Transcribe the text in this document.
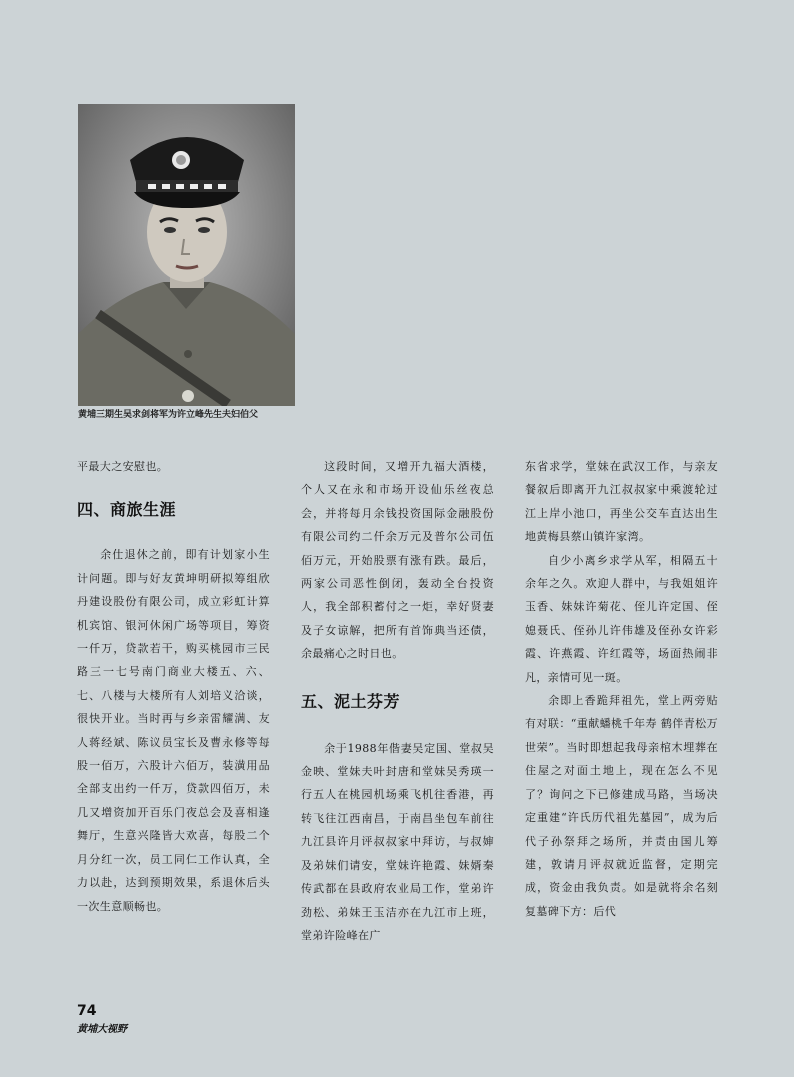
黄埔三期生吴求剑将军为许立峰先生夫妇伯父

平最大之安慰也。

四、商旅生涯

余仕退休之前，即有计划家小生计问题。即与好友黄坤明研拟筹组欣丹建设股份有限公司，成立彩虹计算机宾馆、银河休闲广场等项目，筹资一仟万，贷款若干，购买桃园市三民路三一七号南门商业大楼五、六、七、八楼与大楼所有人刘培义洽谈，很快开业。当时再与乡亲雷耀满、友人蒋经斌、陈议员宝长及曹永修等每股一佰万，六股计六佰万，装潢用品全部支出约一仟万，贷款四佰万，未几又增资加开百乐门夜总会及喜相逢舞厅，生意兴隆皆大欢喜，每股二个月分红一次，员工同仁工作认真，全力以赴，达到预期效果，系退休后头一次生意顺畅也。

这段时间，又增开九福大酒楼，个人又在永和市场开设仙乐丝夜总会，并将每月余钱投资国际金融股份有限公司约二仟余万元及普尔公司伍佰万元，开始股票有涨有跌。最后，两家公司恶性倒闭，轰动全台投资人，我全部积蓄付之一炬，幸好贤妻及子女谅解，把所有首饰典当还债，余最痛心之时日也。

五、泥土芬芳

余于1988年偕妻吴定国、堂叔吴金映、堂妹夫叶封唐和堂妹吴秀瑛一行五人在桃园机场乘飞机往香港，再转飞往江西南昌，于南昌坐包车前往九江县许月评叔叔家中拜访，与叔婶及弟妹们请安，堂妹许艳霞、妹婿秦传武都在县政府农业局工作，堂弟许劲松、弟妹王玉洁亦在九江市上班，堂弟许险峰在广

东省求学，堂妹在武汉工作，与亲友餐叙后即离开九江叔叔家中乘渡轮过江上岸小池口，再坐公交车直达出生地黄梅县蔡山镇许家湾。

自少小离乡求学从军，相隔五十余年之久。欢迎人群中，与我姐姐许玉香、妹妹许菊花、侄儿许定国、侄媳聂氏、侄孙儿许伟雄及侄孙女许彩霞、许燕霞、许红霞等，场面热闹非凡，亲情可见一斑。

余即上香跪拜祖先，堂上两旁贴有对联：“重献蟠桃千年寿 鹤伴青松万世荣”。当时即想起我母亲棺木埋葬在住屋之对面土地上，现在怎么不见了？询问之下已修建成马路，当场决定重建“许氏历代祖先墓园”，成为后代子孙祭拜之场所，并责由国儿筹建，敦请月评叔就近监督，定期完成，资金由我负责。如是就将余名刻复墓碑下方：后代

74
黄埔大视野
